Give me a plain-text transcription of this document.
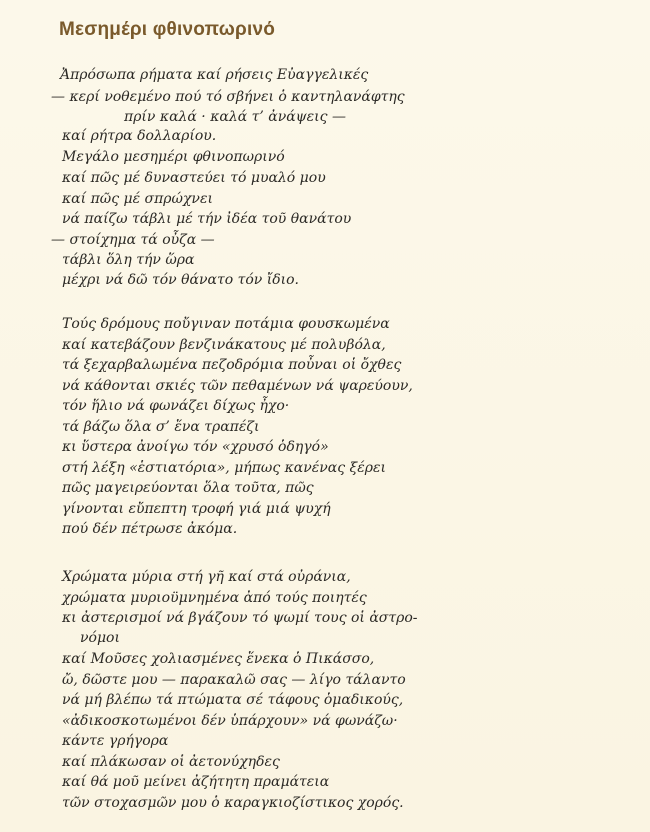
Μεσημέρι φθινοπωρινό
Ἀπρόσωπα ρήματα καί ρήσεις Εὐαγγελικές
— κερί νοθεμένο πού τό σβήνει ὁ καντηλανάφτης
πρίν καλά · καλά τ’ ἀνάψεις —
καί ρήτρα δολλαρίου.
Μεγάλο μεσημέρι φθινοπωρινό
καί πῶς μέ δυναστεύει τό μυαλό μου
καί πῶς μέ σπρώχνει
νά παίζω τάβλι μέ τήν ἰδέα τοῦ θανάτου
— στοίχημα τά οὖζα —
τάβλι ὅλη τήν ὥρα
μέχρι νά δῶ τόν θάνατο τόν ἴδιο.
Τούς δρόμους ποὔγιναν ποτάμια φουσκωμένα
καί κατεβάζουν βενζινάκατους μέ πολυβόλα,
τά ξεχαρβαλωμένα πεζοδρόμια ποὖναι οἱ ὄχθες
νά κάθονται σκιές τῶν πεθαμένων νά ψαρεύουν,
τόν ἥλιο νά φωνάζει δίχως ἦχο·
τά βάζω ὅλα σ’ ἕνα τραπέζι
κι ὕστερα ἀνοίγω τόν «χρυσό ὁδηγό»
στή λέξη «ἑστιατόρια», μήπως κανένας ξέρει
πῶς μαγειρεύονται ὅλα τοῦτα, πῶς
γίνονται εὔπεπτη τροφή γιά μιά ψυχή
πού δέν πέτρωσε ἀκόμα.
Χρώματα μύρια στή γῆ καί στά οὐράνια,
χρώματα μυριοϋμνημένα ἀπό τούς ποιητές
κι ἀστερισμοί νά βγάζουν τό ψωμί τους οἱ ἀστρο-
νόμοι
καί Μοῦσες χολιασμένες ἕνεκα ὁ Πικάσσο,
ὤ, δῶστε μου — παρακαλῶ σας — λίγο τάλαντο
νά μή βλέπω τά πτώματα σέ τάφους ὁμαδικούς,
«ἀδικοσκοτωμένοι δέν ὑπάρχουν» νά φωνάζω·
κάντε γρήγορα
καί πλάκωσαν οἱ ἀετονύχηδες
καί θά μοῦ μείνει ἀζήτητη πραμάτεια
τῶν στοχασμῶν μου ὁ καραγκιοζίστικος χορός.
